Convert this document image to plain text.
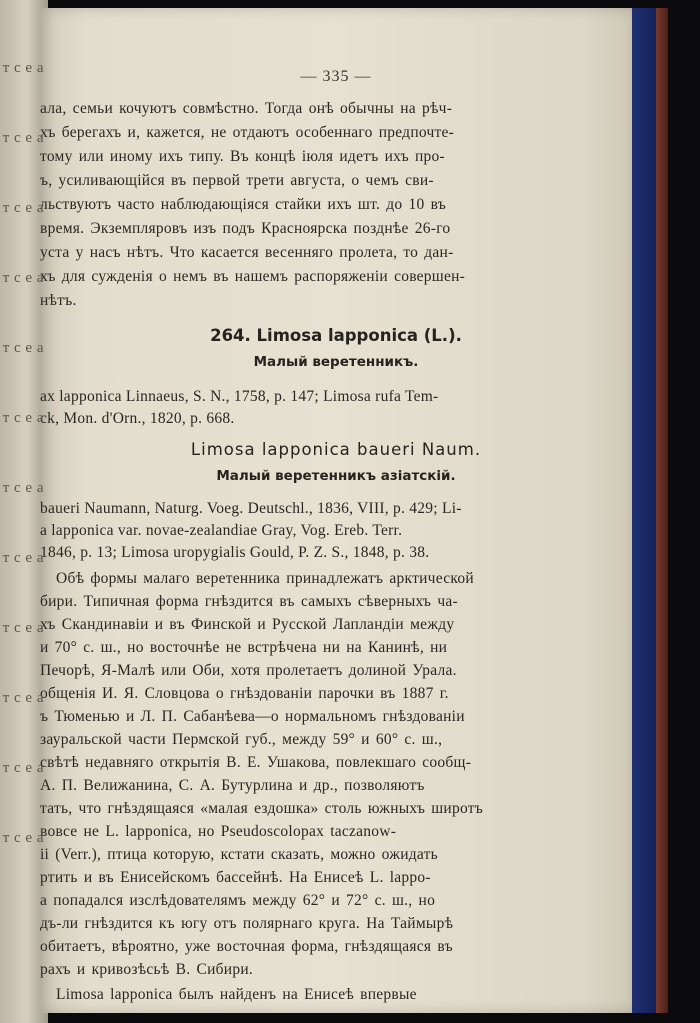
— 335 —
ала, семьи кочуютъ совмѣстно. Тогда онѣ обычны на рѣч-
хъ берегахъ и, кажется, не отдаютъ особеннаго предпочте-
тому или иному ихъ типу. Въ концѣ іюля идетъ ихъ про-
ъ, усиливающійся въ первой трети августа, о чемъ сви-
льствуютъ часто наблюдающіяся стайки ихъ шт. до 10 въ
время. Экземпляровъ изъ подъ Красноярска позднѣе 26-го
уста у насъ нѣтъ. Что касается весенняго пролета, то дан-
хъ для сужденія о немъ въ нашемъ распоряженіи совершен-
нѣтъ.
264. Limosa lapponica (L.).
Малый веретенникъ.
ax lapponica Linnaeus, S. N., 1758, p. 147; Limosa rufa Tem-
ck, Mon. d'Orn., 1820, p. 668.
Limosa lapponica baueri Naum.
Малый веретенникъ азіатскій.
baueri Naumann, Naturg. Voeg. Deutschl., 1836, VIII, p. 429; Li-
a lapponica var. novae-zealandiae Gray, Vog. Ereb. Terr.
1846, p. 13; Limosa uropygialis Gould, P. Z. S., 1848, p. 38.
Обѣ формы малаго веретенника принадлежатъ арктической
бири. Типичная форма гнѣздится въ самыхъ сѣверныхъ ча-
хъ Скандинавіи и въ Финской и Русской Лапландіи между
и 70° с. ш., но восточнѣе не встрѣчена ни на Канинѣ, ни
Печорѣ, Я-Малѣ или Оби, хотя пролетаетъ долиной Урала.
общенія И. Я. Словцова о гнѣздованіи парочки въ 1887 г.
ъ Тюменью и Л. П. Сабанѣева—о нормальномъ гнѣздованіи
зауральской части Пермской губ., между 59° и 60° с. ш.,
свѣтѣ недавняго открытія В. Е. Ушакова, повлекшаго сообщ-
А. П. Велижанина, С. А. Бутурлина и др., позволяютъ
тать, что гнѣздящаяся «малая ездошка» столь южныхъ широтъ
вовсе не L. lapponica, но Pseudoscolopax taczanow-
ii (Verr.), птица которую, кстати сказать, можно ожидать
ртить и въ Енисейскомъ бассейнѣ. На Енисеѣ L. lappo-
a попадался изслѣдователямъ между 62° и 72° с. ш., но
дъ-ли гнѣздится къ югу отъ полярнаго круга. На Таймырѣ
обитаетъ, вѣроятно, уже восточная форма, гнѣздящаяся въ
рахъ и кривозѣсьѣ В. Сибири.
Limosa lapponica былъ найденъ на Енисеѣ впервые
н о т с е а
н о т с е а
н о т с е а
н о т с е а
н о т с е а
н о т с е а
н о т с е а
н о т с е а
н о т с е а
н о т с е а
н о т с е а
н о т с е а
